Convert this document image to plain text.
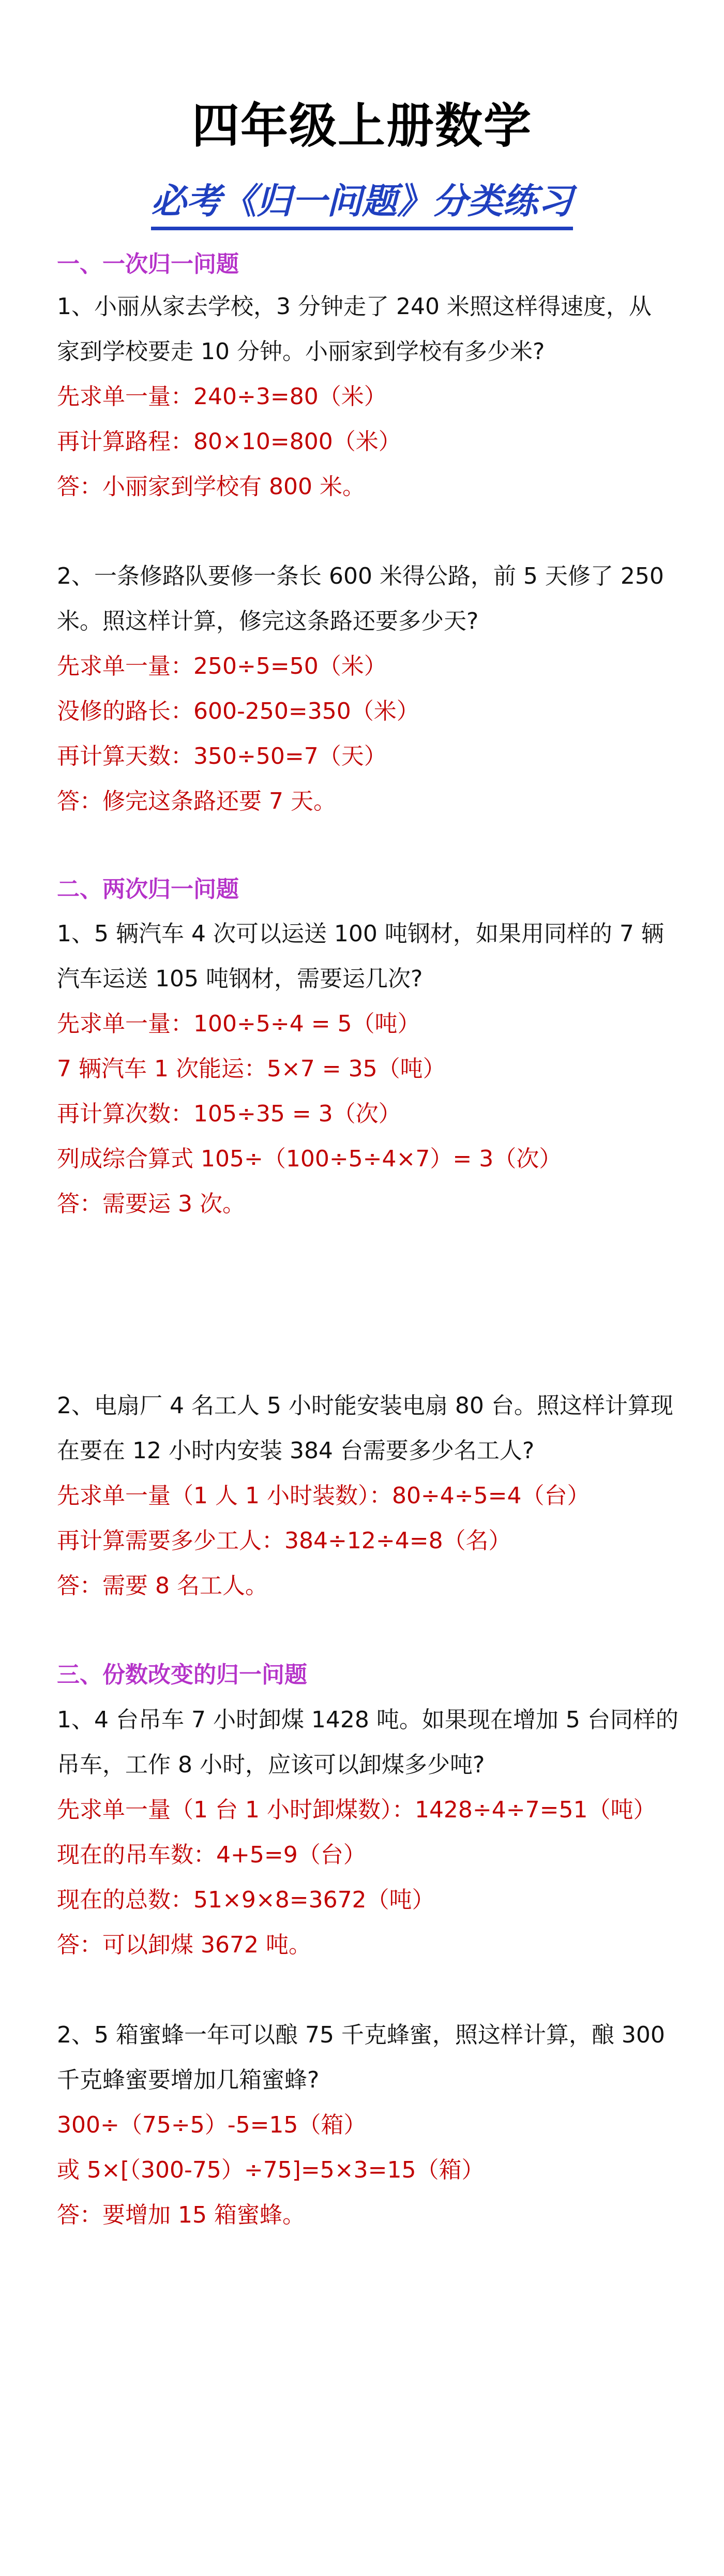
四年级上册数学
必考《归一问题》分类练习
一、一次归一问题
1、小丽从家去学校，3 分钟走了 240 米照这样得速度，从
家到学校要走 10 分钟。小丽家到学校有多少米?
先求单一量：240÷3=80（米）
再计算路程：80×10=800（米）
答：小丽家到学校有 800 米。
2、一条修路队要修一条长 600 米得公路，前 5 天修了 250
米。照这样计算，修完这条路还要多少天?
先求单一量：250÷5=50（米）
没修的路长：600-250=350（米）
再计算天数：350÷50=7（天）
答：修完这条路还要 7 天。
二、两次归一问题
1、5 辆汽车 4 次可以运送 100 吨钢材，如果用同样的 7 辆
汽车运送 105 吨钢材，需要运几次?
先求单一量：100÷5÷4 = 5（吨）
7 辆汽车 1 次能运：5×7 = 35（吨）
再计算次数：105÷35 = 3（次）
列成综合算式 105÷（100÷5÷4×7）= 3（次）
答：需要运 3 次。
2、电扇厂 4 名工人 5 小时能安装电扇 80 台。照这样计算现
在要在 12 小时内安装 384 台需要多少名工人?
先求单一量（1 人 1 小时装数）：80÷4÷5=4（台）
再计算需要多少工人：384÷12÷4=8（名）
答：需要 8 名工人。
三、份数改变的归一问题
1、4 台吊车 7 小时卸煤 1428 吨。如果现在增加 5 台同样的
吊车，工作 8 小时，应该可以卸煤多少吨?
先求单一量（1 台 1 小时卸煤数）：1428÷4÷7=51（吨）
现在的吊车数：4+5=9（台）
现在的总数：51×9×8=3672（吨）
答：可以卸煤 3672 吨。
2、5 箱蜜蜂一年可以酿 75 千克蜂蜜，照这样计算，酿 300
千克蜂蜜要增加几箱蜜蜂?
300÷（75÷5）-5=15（箱）
或 5×[（300-75）÷75]=5×3=15（箱）
答：要增加 15 箱蜜蜂。
